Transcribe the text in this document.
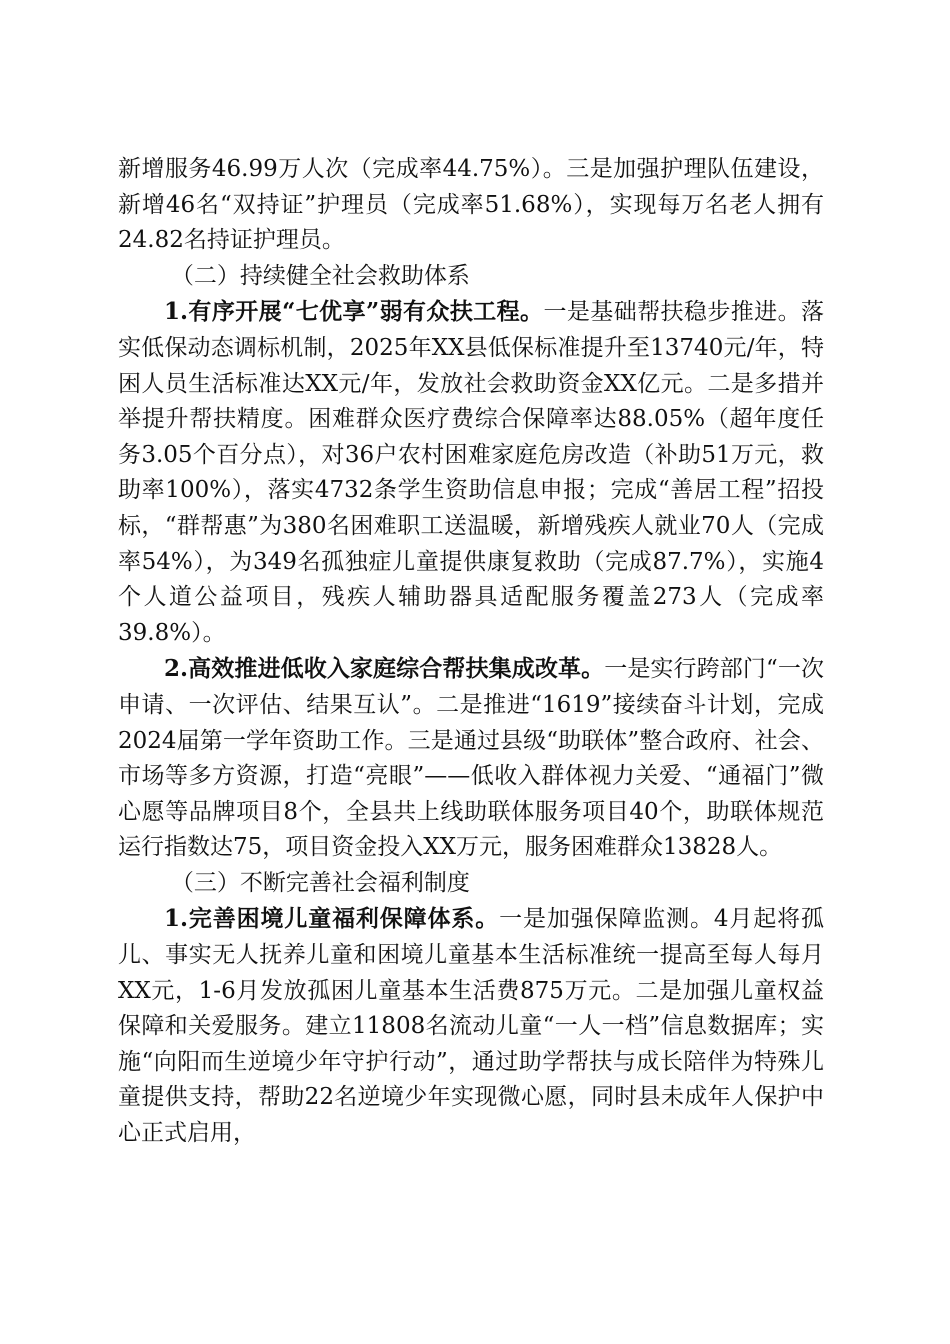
新增服务46.99万人次（完成率44.75%）。三是加强护理队伍建设，新增46名“双持证”护理员（完成率51.68%），实现每万名老人拥有24.82名持证护理员。

（二）持续健全社会救助体系

1.有序开展“七优享”弱有众扶工程。一是基础帮扶稳步推进。落实低保动态调标机制，2025年XX县低保标准提升至13740元/年，特困人员生活标准达XX元/年，发放社会救助资金XX亿元。二是多措并举提升帮扶精度。困难群众医疗费综合保障率达88.05%（超年度任务3.05个百分点），对36户农村困难家庭危房改造（补助51万元，救助率100%），落实4732条学生资助信息申报；完成“善居工程”招投标，“群帮惠”为380名困难职工送温暖，新增残疾人就业70人（完成率54%），为349名孤独症儿童提供康复救助（完成87.7%），实施4个人道公益项目，残疾人辅助器具适配服务覆盖273人（完成率39.8%）。

2.高效推进低收入家庭综合帮扶集成改革。一是实行跨部门“一次申请、一次评估、结果互认”。二是推进“1619”接续奋斗计划，完成2024届第一学年资助工作。三是通过县级“助联体”整合政府、社会、市场等多方资源，打造“亮眼”——低收入群体视力关爱、“通福门”微心愿等品牌项目8个，全县共上线助联体服务项目40个，助联体规范运行指数达75，项目资金投入XX万元，服务困难群众13828人。

（三）不断完善社会福利制度

1.完善困境儿童福利保障体系。一是加强保障监测。4月起将孤儿、事实无人抚养儿童和困境儿童基本生活标准统一提高至每人每月XX元，1-6月发放孤困儿童基本生活费875万元。二是加强儿童权益保障和关爱服务。建立11808名流动儿童“一人一档”信息数据库；实施“向阳而生逆境少年守护行动”，通过助学帮扶与成长陪伴为特殊儿童提供支持，帮助22名逆境少年实现微心愿，同时县未成年人保护中心正式启用，
